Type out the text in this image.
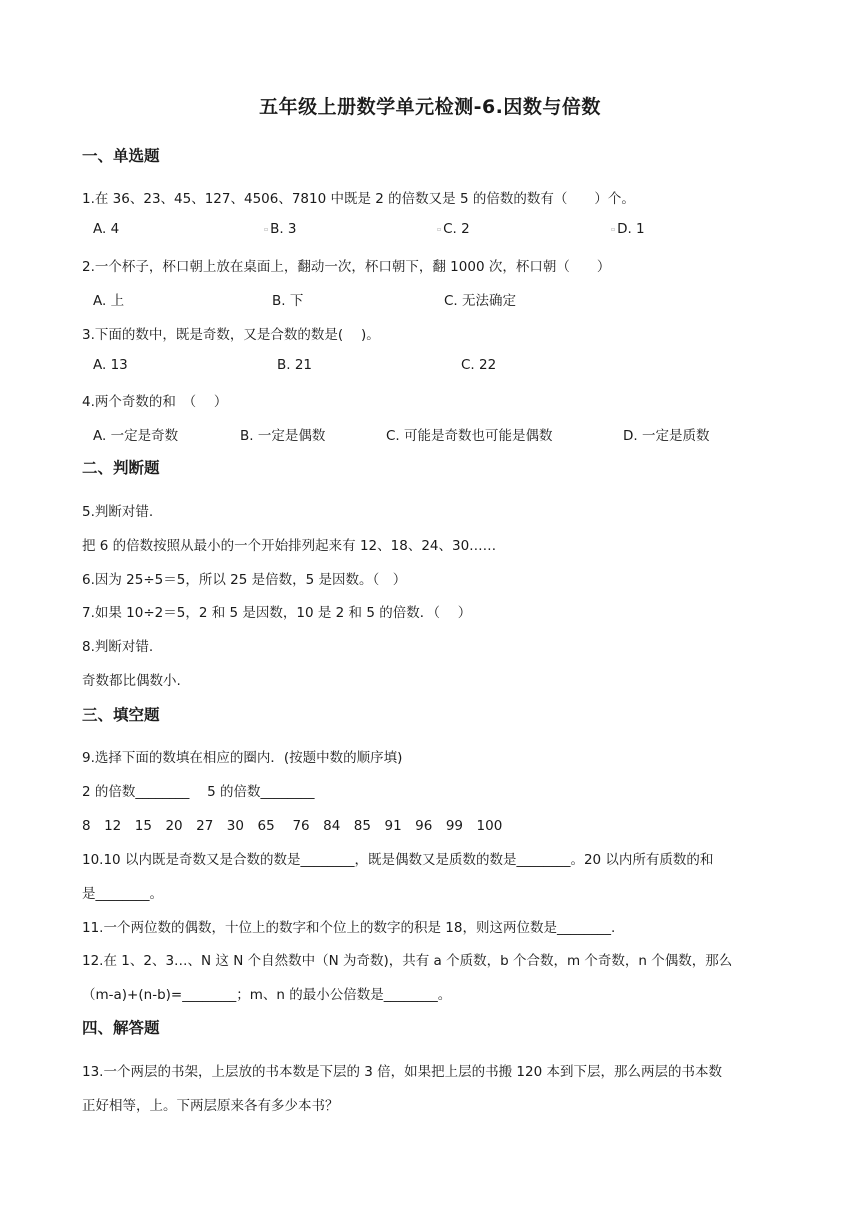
五年级上册数学单元检测-6.因数与倍数
一、单选题
1.在 36、23、45、127、4506、7810 中既是 2 的倍数又是 5 的倍数的数有（　　）个。
A. 4	▫ B. 3	▫ C. 2	▫ D. 1
2.一个杯子，杯口朝上放在桌面上，翻动一次，杯口朝下，翻 1000 次，杯口朝（　　）
A. 上	B. 下	C. 无法确定
3.下面的数中，既是奇数，又是合数的数是(　 )。
A. 13	B. 21	C. 22
4.两个奇数的和　（　 ）
A. 一定是奇数	B. 一定是偶数	C. 可能是奇数也可能是偶数	D. 一定是质数
二、判断题
5.判断对错.
把 6 的倍数按照从最小的一个开始排列起来有 12、18、24、30……
6.因为 25÷5＝5，所以 25 是倍数，5 是因数。（　）
7.如果 10÷2＝5，2 和 5 是因数，10 是 2 和 5 的倍数．（　 ）
8.判断对错.
奇数都比偶数小.
三、填空题
9.选择下面的数填在相应的圈内．(按题中数的顺序填)
2 的倍数________　 5 的倍数________
8　12　15　20　27　30　65　 76　84　85　91　96　99　100
10.10 以内既是奇数又是合数的数是________，既是偶数又是质数的数是________。20 以内所有质数的和
是________。
11.一个两位数的偶数，十位上的数字和个位上的数字的积是 18，则这两位数是________.
12.在 1、2、3…、N 这 N 个自然数中（N 为奇数)，共有 a 个质数，b 个合数，m 个奇数，n 个偶数，那么
（m-a)+(n-b)=________；m、n 的最小公倍数是________。
四、解答题
13.一个两层的书架，上层放的书本数是下层的 3 倍，如果把上层的书搬 120 本到下层，那么两层的书本数
正好相等，上。下两层原来各有多少本书？
